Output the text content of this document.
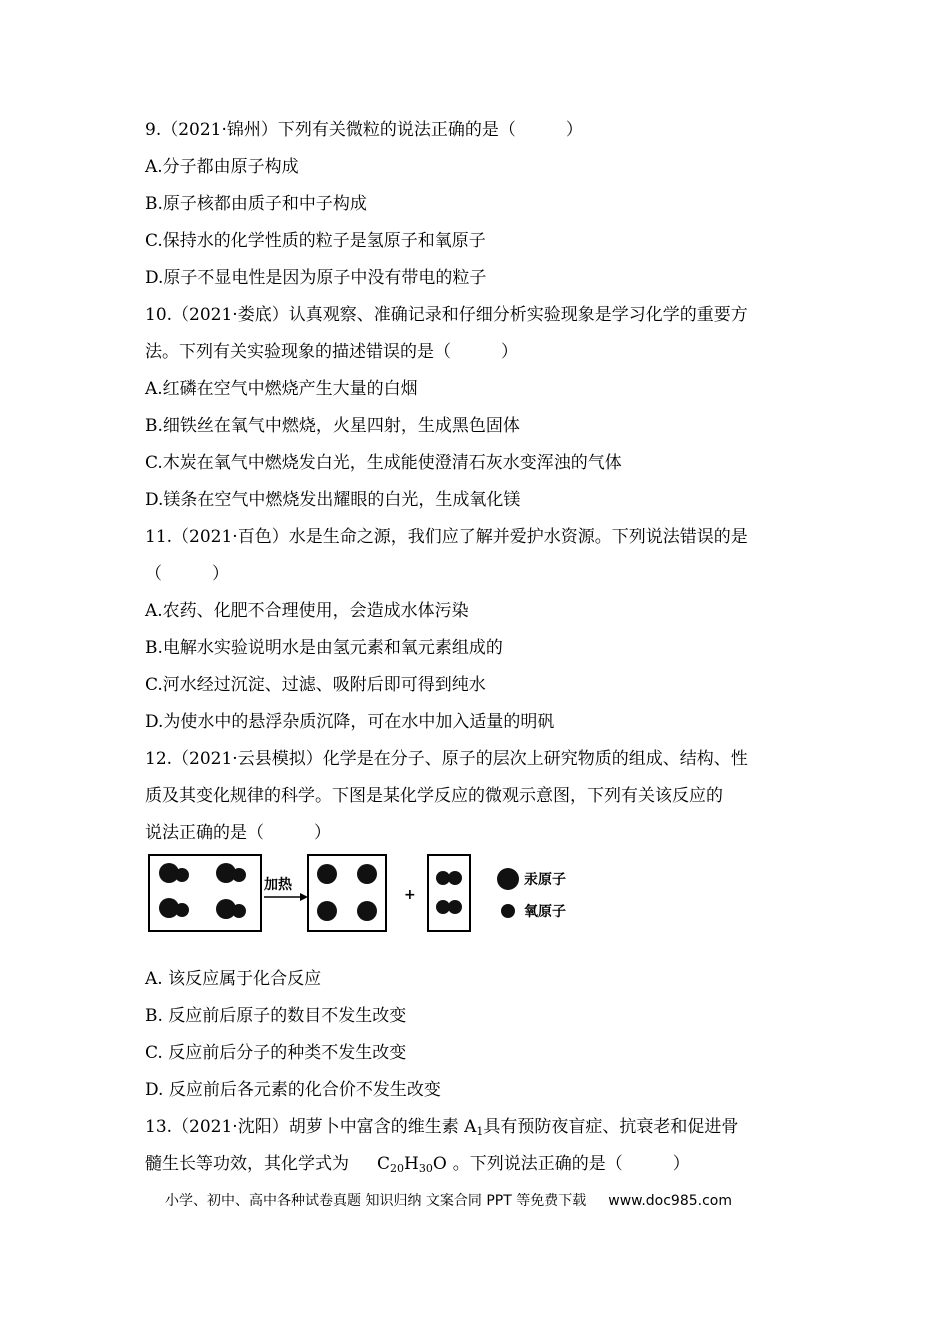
9.（2021·锦州）下列有关微粒的说法正确的是（	）
A.分子都由原子构成
B.原子核都由质子和中子构成
C.保持水的化学性质的粒子是氢原子和氧原子
D.原子不显电性是因为原子中没有带电的粒子
10.（2021·娄底）认真观察、准确记录和仔细分析实验现象是学习化学的重要方
法。下列有关实验现象的描述错误的是（	）
A.红磷在空气中燃烧产生大量的白烟
B.细铁丝在氧气中燃烧，火星四射，生成黑色固体
C.木炭在氧气中燃烧发白光，生成能使澄清石灰水变浑浊的气体
D.镁条在空气中燃烧发出耀眼的白光，生成氧化镁
11.（2021·百色）水是生命之源，我们应了解并爱护水资源。下列说法错误的是
（	）
A.农药、化肥不合理使用，会造成水体污染
B.电解水实验说明水是由氢元素和氧元素组成的
C.河水经过沉淀、过滤、吸附后即可得到纯水
D.为使水中的悬浮杂质沉降，可在水中加入适量的明矾
12.（2021·云县模拟）化学是在分子、原子的层次上研究物质的组成、结构、性
质及其变化规律的科学。下图是某化学反应的微观示意图，下列有关该反应的
说法正确的是（	）
加热
+
汞原子
氧原子
A. 该反应属于化合反应
B. 反应前后原子的数目不发生改变
C. 反应前后分子的种类不发生改变
D. 反应前后各元素的化合价不发生改变
13.（2021·沈阳）胡萝卜中富含的维生素 $A_1$具有预防夜盲症、抗衰老和促进骨
髓生长等功效，其化学式为 $C_{20}H_{30}O$ 。下列说法正确的是（	）
小学、初中、高中各种试卷真题 知识归纳 文案合同 PPT 等免费下载 www.doc985.com
